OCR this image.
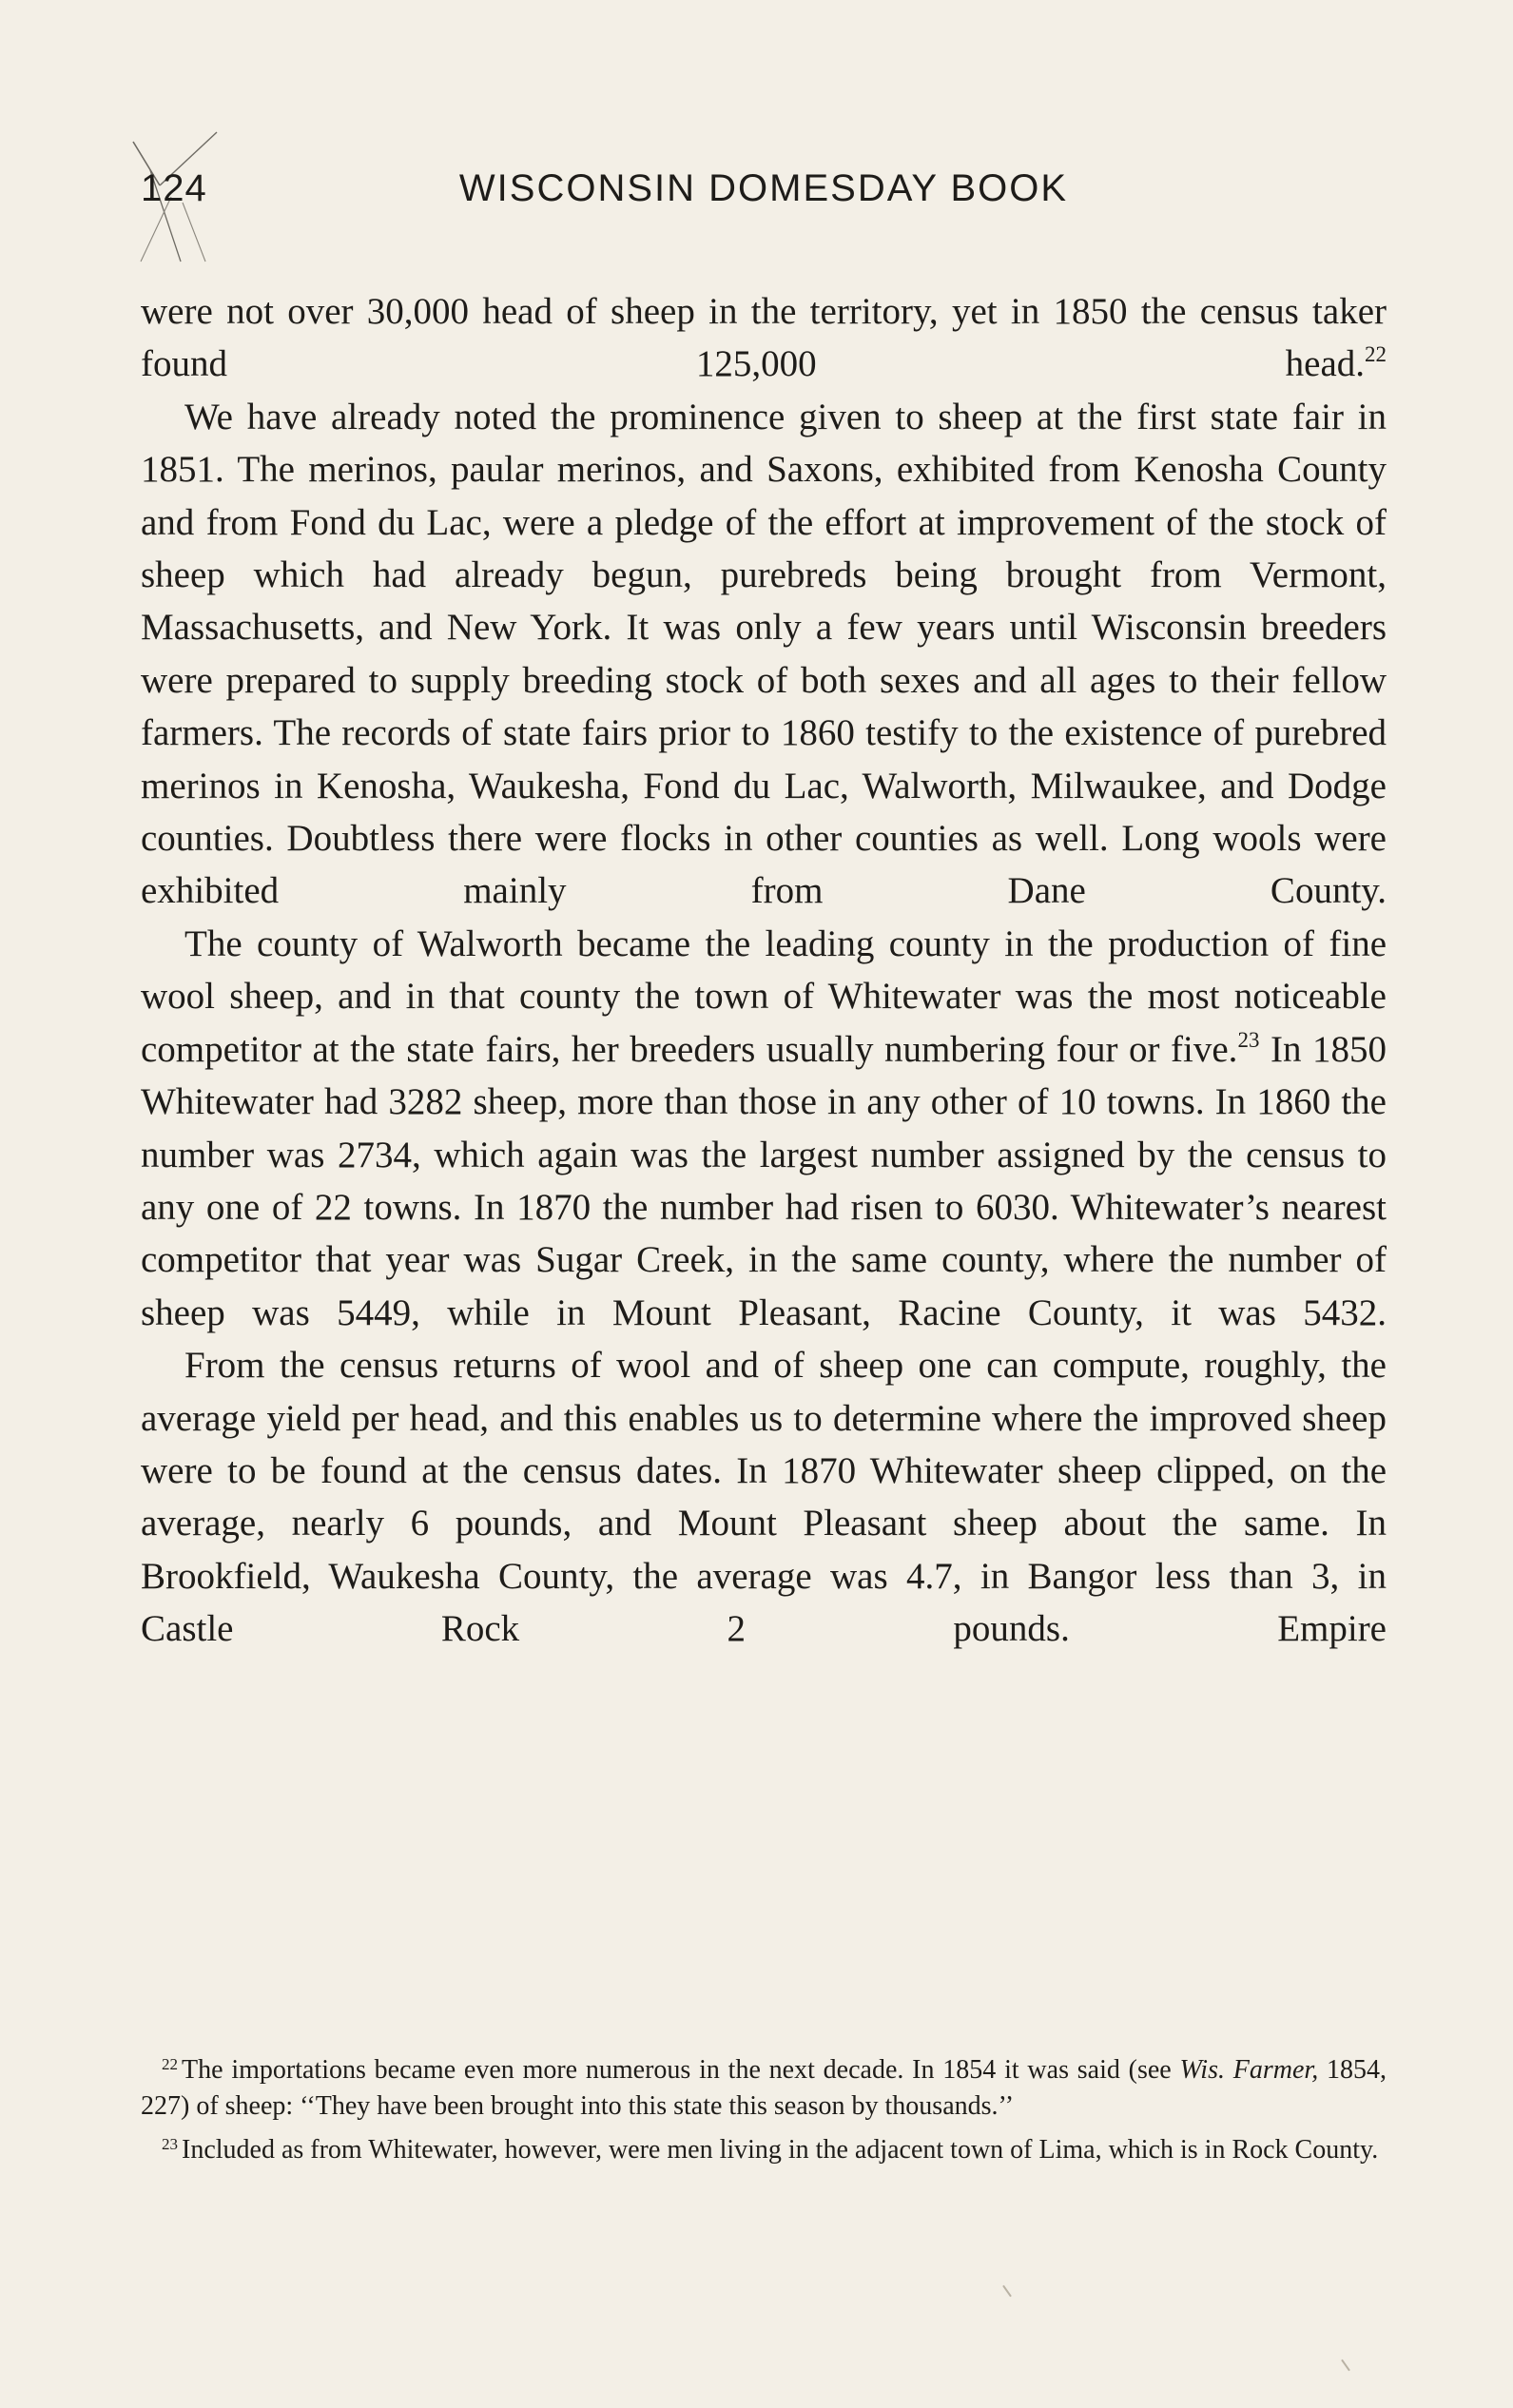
124	WISCONSIN DOMESDAY BOOK

were not over 30,000 head of sheep in the territory, yet in 1850 the census taker found 125,000 head.$^{22}$

We have already noted the prominence given to sheep at the first state fair in 1851. The merinos, paular merinos, and Saxons, exhibited from Kenosha County and from Fond du Lac, were a pledge of the effort at improvement of the stock of sheep which had already begun, purebreds being brought from Vermont, Massachusetts, and New York. It was only a few years until Wisconsin breeders were prepared to supply breeding stock of both sexes and all ages to their fellow farmers. The records of state fairs prior to 1860 testify to the existence of purebred merinos in Kenosha, Waukesha, Fond du Lac, Walworth, Milwaukee, and Dodge counties. Doubtless there were flocks in other counties as well. Long wools were exhibited mainly from Dane County.

The county of Walworth became the leading county in the production of fine wool sheep, and in that county the town of Whitewater was the most noticeable competitor at the state fairs, her breeders usually numbering four or five.$^{23}$ In 1850 Whitewater had 3282 sheep, more than those in any other of 10 towns. In 1860 the number was 2734, which again was the largest number assigned by the census to any one of 22 towns. In 1870 the number had risen to 6030. Whitewater’s nearest competitor that year was Sugar Creek, in the same county, where the number of sheep was 5449, while in Mount Pleasant, Racine County, it was 5432.

From the census returns of wool and of sheep one can compute, roughly, the average yield per head, and this enables us to determine where the improved sheep were to be found at the census dates. In 1870 Whitewater sheep clipped, on the average, nearly 6 pounds, and Mount Pleasant sheep about the same. In Brookfield, Waukesha County, the average was 4.7, in Bangor less than 3, in Castle Rock 2 pounds. Empire

$^{22}$ The importations became even more numerous in the next decade. In 1854 it was said (see Wis. Farmer, 1854, 227) of sheep: ‘‘They have been brought into this state this season by thousands.’’

$^{23}$ Included as from Whitewater, however, were men living in the adjacent town of Lima, which is in Rock County.
